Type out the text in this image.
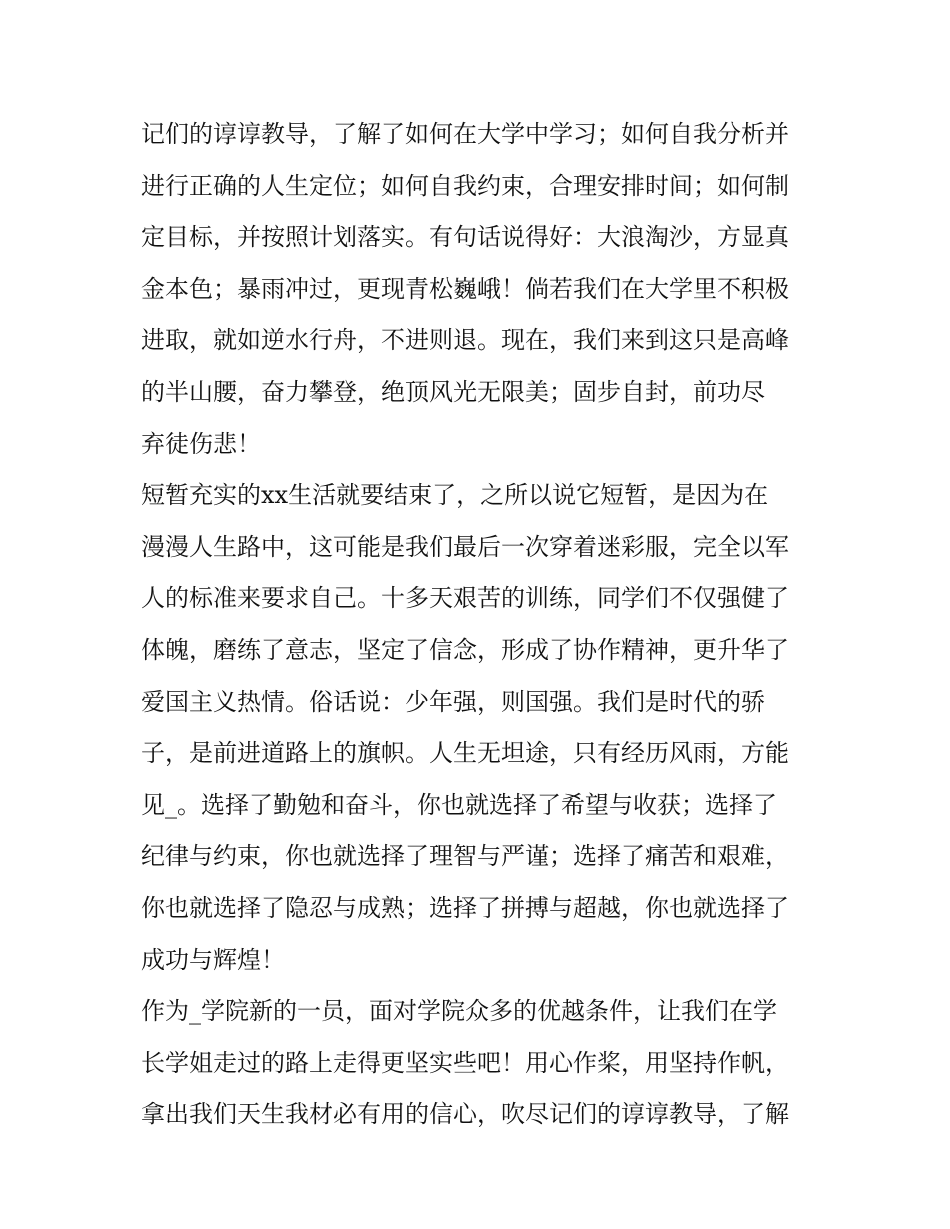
记们的谆谆教导，了解了如何在大学中学习；如何自我分析并
进行正确的人生定位；如何自我约束，合理安排时间；如何制
定目标，并按照计划落实。有句话说得好：大浪淘沙，方显真
金本色；暴雨冲过，更现青松巍峨！倘若我们在大学里不积极
进取，就如逆水行舟，不进则退。现在，我们来到这只是高峰
的半山腰，奋力攀登，绝顶风光无限美；固步自封，前功尽
弃徒伤悲！
短暂充实的xx生活就要结束了，之所以说它短暂，是因为在
漫漫人生路中，这可能是我们最后一次穿着迷彩服，完全以军
人的标准来要求自己。十多天艰苦的训练，同学们不仅强健了
体魄，磨练了意志，坚定了信念，形成了协作精神，更升华了
爱国主义热情。俗话说：少年强，则国强。我们是时代的骄
子，是前进道路上的旗帜。人生无坦途，只有经历风雨，方能
见_。选择了勤勉和奋斗，你也就选择了希望与收获；选择了
纪律与约束，你也就选择了理智与严谨；选择了痛苦和艰难，
你也就选择了隐忍与成熟；选择了拼搏与超越，你也就选择了
成功与辉煌！
作为_学院新的一员，面对学院众多的优越条件，让我们在学
长学姐走过的路上走得更坚实些吧！用心作桨，用坚持作帆，
拿出我们天生我材必有用的信心，吹尽记们的谆谆教导，了解
